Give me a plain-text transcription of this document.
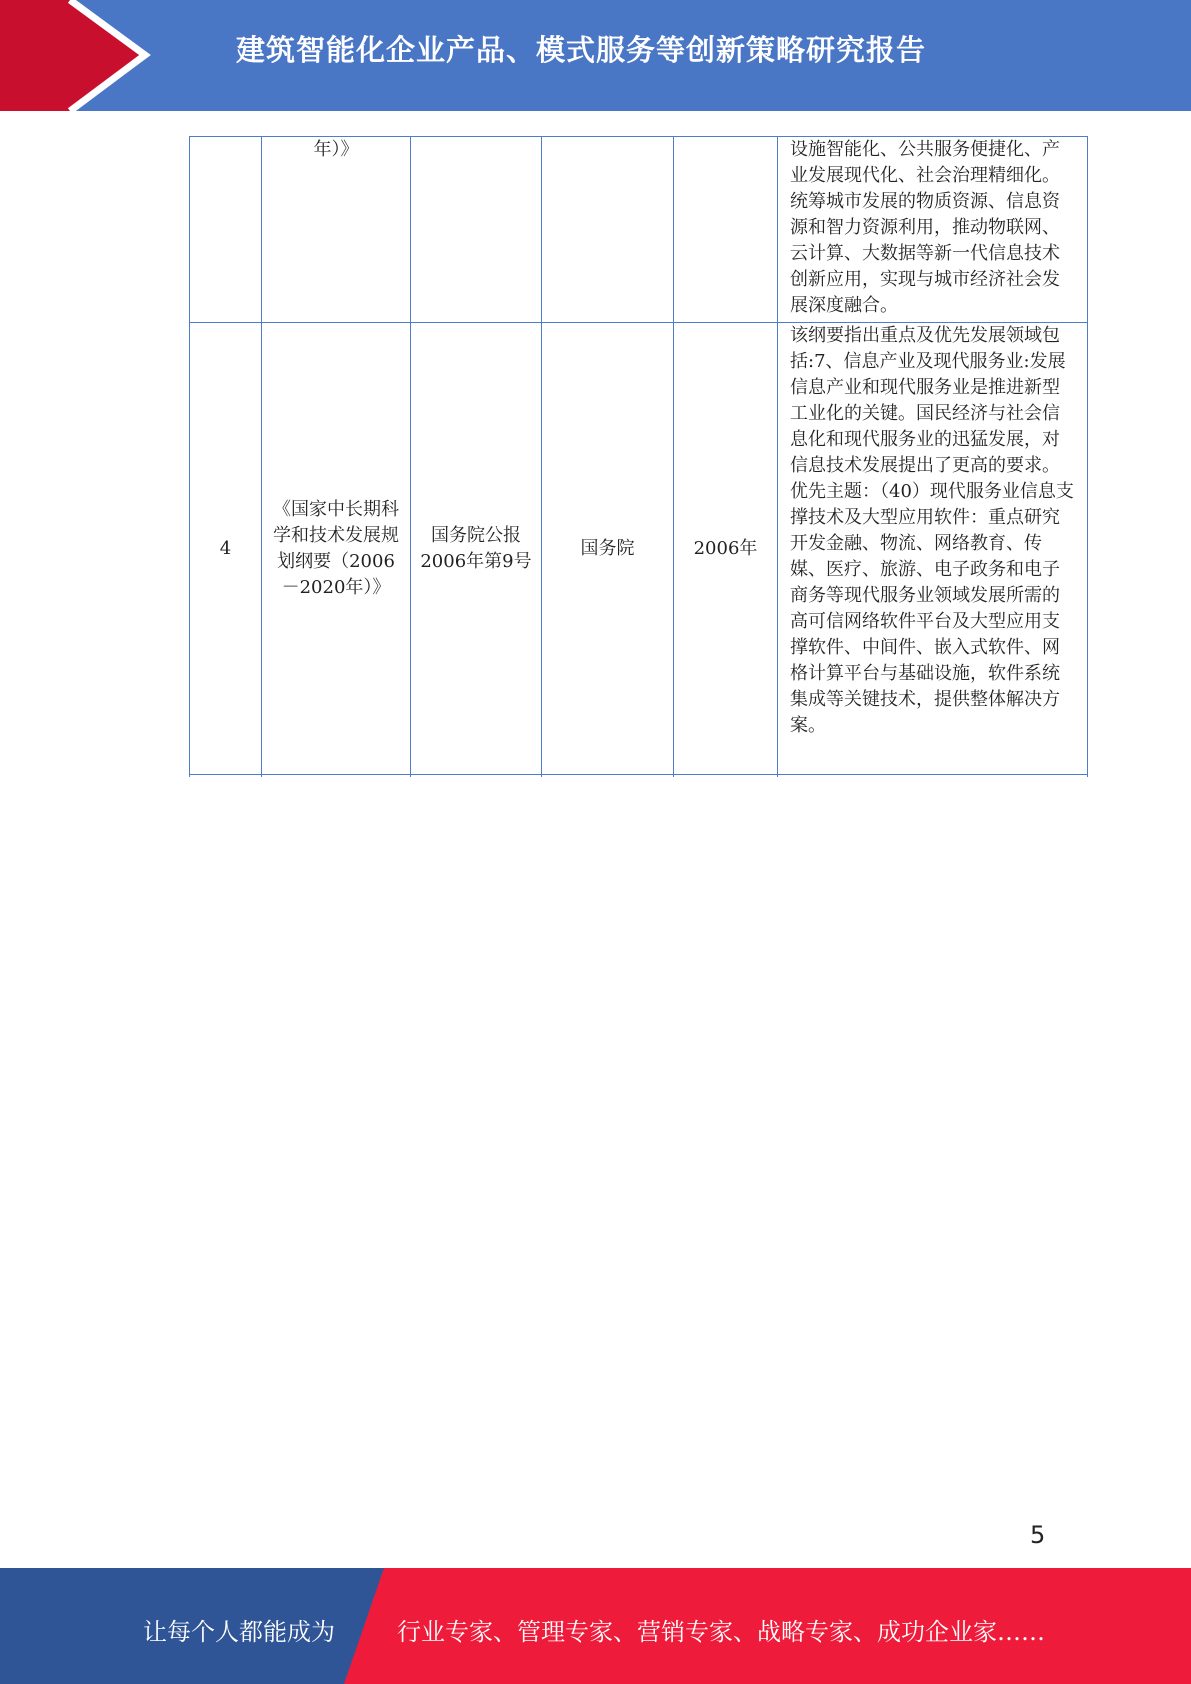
建筑智能化企业产品、模式服务等创新策略研究报告
	年）》				设施智能化、公共服务便捷化、产业发展现代化、社会治理精细化。统筹城市发展的物质资源、信息资源和智力资源利用，推动物联网、云计算、大数据等新一代信息技术创新应用，实现与城市经济社会发展深度融合。
4	《国家中长期科学和技术发展规划纲要（2006－2020年）》	国务院公报2006年第9号	国务院	2006年	该纲要指出重点及优先发展领域包括:7、信息产业及现代服务业:发展信息产业和现代服务业是推进新型工业化的关键。国民经济与社会信息化和现代服务业的迅猛发展，对信息技术发展提出了更高的要求。优先主题：（40）现代服务业信息支撑技术及大型应用软件：重点研究开发金融、物流、网络教育、传媒、医疗、旅游、电子政务和电子商务等现代服务业领域发展所需的高可信网络软件平台及大型应用支撑软件、中间件、嵌入式软件、网格计算平台与基础设施，软件系统集成等关键技术，提供整体解决方案。
5
让每个人都能成为	行业专家、管理专家、营销专家、战略专家、成功企业家……
